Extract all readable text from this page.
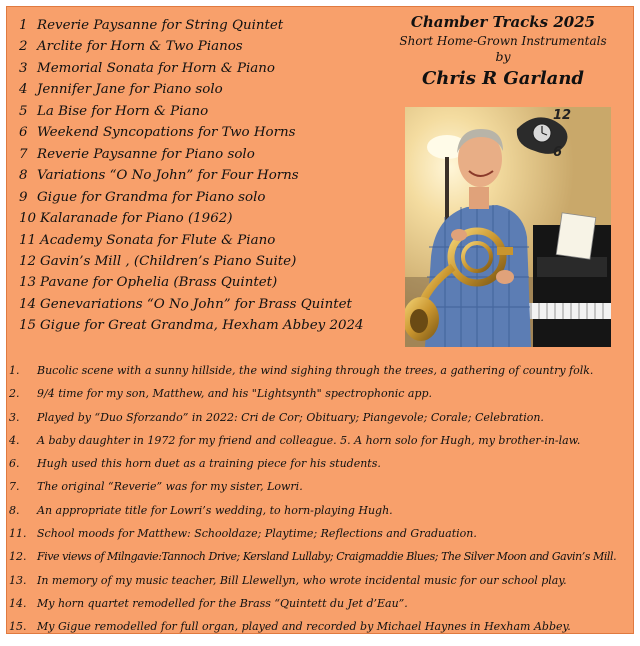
1 Reverie Paysanne for String Quintet
2 Arclite for Horn & Two Pianos
3 Memorial Sonata for Horn & Piano
4 Jennifer Jane for Piano solo
5 La Bise for Horn & Piano
6 Weekend Syncopations for Two Horns
7 Reverie Paysanne for Piano solo
8 Variations “O No John” for Four Horns
9 Gigue for Grandma for Piano solo
10 Kalaranade for Piano (1962)
11 Academy Sonata for Flute & Piano
12 Gavin’s Mill , (Children’s Piano Suite)
13 Pavane for Ophelia (Brass Quintet)
14 Genevariations “O No John” for Brass Quintet
15 Gigue for Great Grandma, Hexham Abbey 2024
Chamber Tracks 2025
Short Home-Grown Instrumentals
by
Chris R Garland
12
6
1. Bucolic scene with a sunny hillside, the wind sighing through the trees, a gathering of country folk.
2. 9/4 time for my son, Matthew, and his "Lightsynth" spectrophonic app.
3. Played by “Duo Sforzando” in 2022: Cri de Cor; Obituary; Piangevole; Corale; Celebration.
4. A baby daughter in 1972 for my friend and colleague. 5. A horn solo for Hugh, my brother-in-law.
6. Hugh used this horn duet as a training piece for his students.
7. The original “Reverie” was for my sister, Lowri.
8. An appropriate title for Lowri’s wedding, to horn-playing Hugh.
11. School moods for Matthew: Schooldaze; Playtime; Reflections and Graduation.
12. Five views of Milngavie:Tannoch Drive; Kersland Lullaby; Craigmaddie Blues; The Silver Moon and Gavin’s Mill.
13. In memory of my music teacher, Bill Llewellyn, who wrote incidental music for our school play.
14. My horn quartet remodelled for the Brass “Quintett du Jet d’Eau”.
15. My Gigue remodelled for full organ, played and recorded by Michael Haynes in Hexham Abbey.
